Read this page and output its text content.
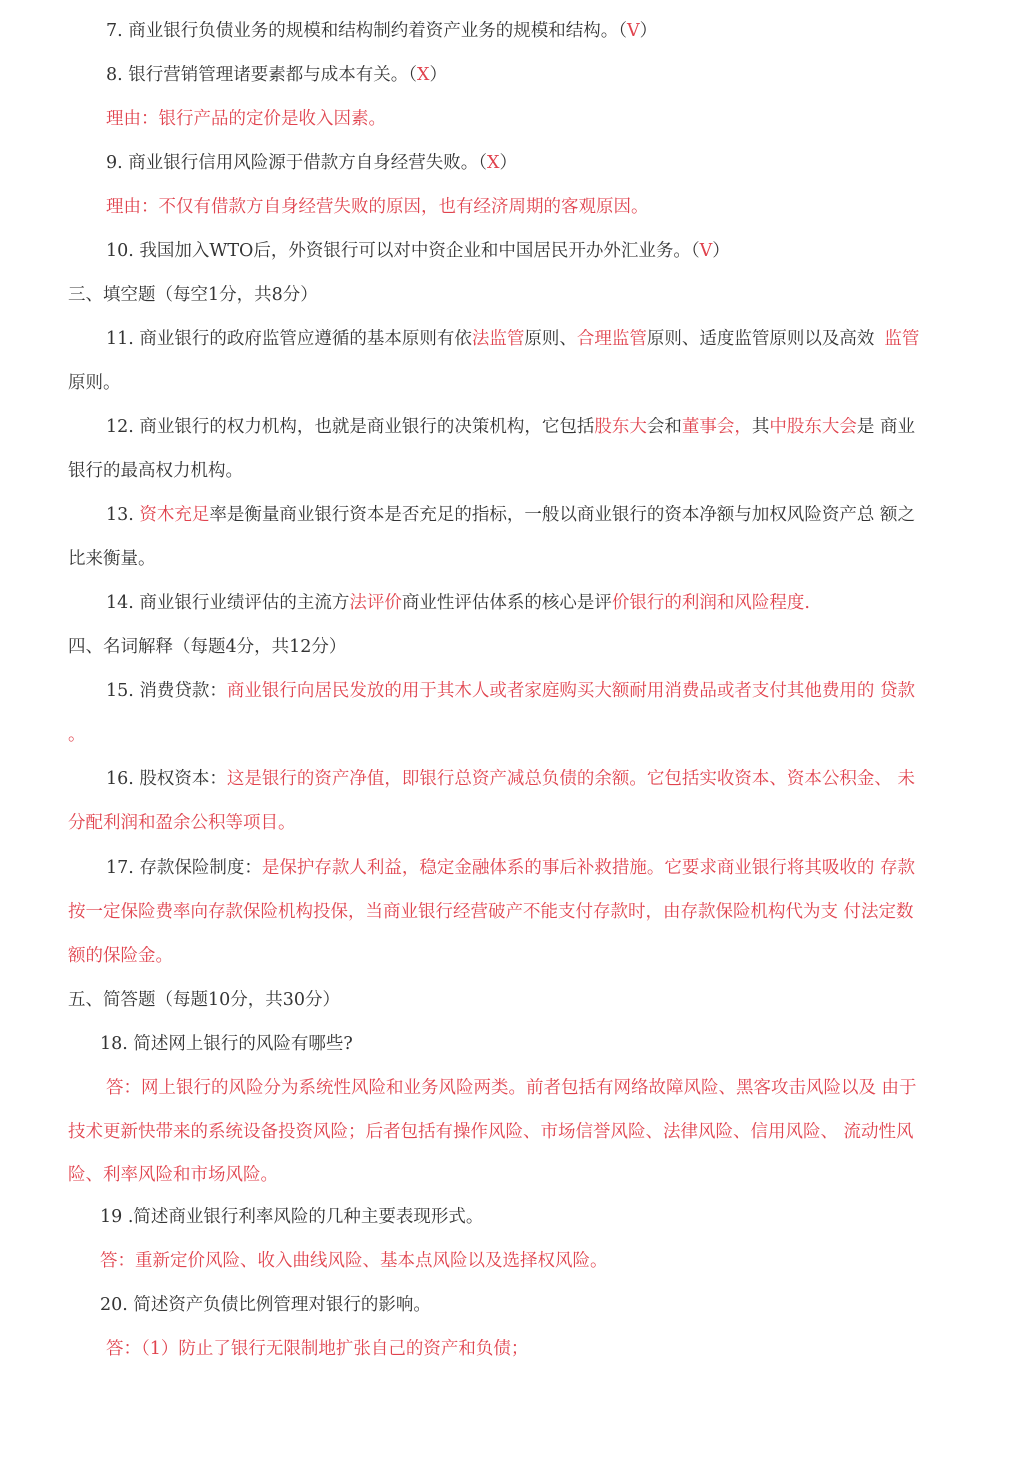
7. 商业银行负债业务的规模和结构制约着资产业务的规模和结构。（V）
8. 银行营销管理诸要素都与成本有关。（X）
理由：银行产品的定价是收入因素。
9. 商业银行信用风险源于借款方自身经营失败。（X）
理由：不仅有借款方自身经营失败的原因，也有经济周期的客观原因。
10. 我国加入WTO后，外资银行可以对中资企业和中国居民开办外汇业务。（V）
三、填空题（每空1分，共8分）
11. 商业银行的政府监管应遵循的基本原则有依法监管原则、合理监管原则、适度监管原则以及高效 监管
原则。
12. 商业银行的权力机构，也就是商业银行的决策机构，它包括股东大会和董事会，其中股东大会是 商业
银行的最高权力机构。
13. 资木充足率是衡量商业银行资本是否充足的指标，一般以商业银行的资本净额与加权风险资产总 额之
比来衡量。
14. 商业银行业绩评估的主流方法评价商业性评估体系的核心是评价银行的利润和风险程度.
四、名词解释（每题4分，共12分）
15. 消费贷款：商业银行向居民发放的用于其木人或者家庭购买大额耐用消费品或者支付其他费用的 贷款
。
16. 股权资本：这是银行的资产净值，即银行总资产减总负债的余额。它包括实收资本、资本公积金、 未
分配利润和盈余公积等项目。
17. 存款保险制度：是保护存款人利益，稳定金融体系的事后补救措施。它要求商业银行将其吸收的 存款
按一定保险费率向存款保险机构投保，当商业银行经营破产不能支付存款时，由存款保险机构代为支 付法定数
额的保险金。
五、简答题（每题10分，共30分）
18. 简述网上银行的风险有哪些?
答：网上银行的风险分为系统性风险和业务风险两类。前者包括有网络故障风险、黑客攻击风险以及 由于
技术更新快带来的系统设备投资风险；后者包括有操作风险、市场信誉风险、法律风险、信用风险、 流动性风
险、利率风险和市场风险。
19 .简述商业银行利率风险的几种主要表现形式。
答：重新定价风险、收入曲线风险、基本点风险以及选择权风险。
20. 简述资产负债比例管理对银行的影响。
答：（1）防止了银行无限制地扩张自己的资产和负债；
